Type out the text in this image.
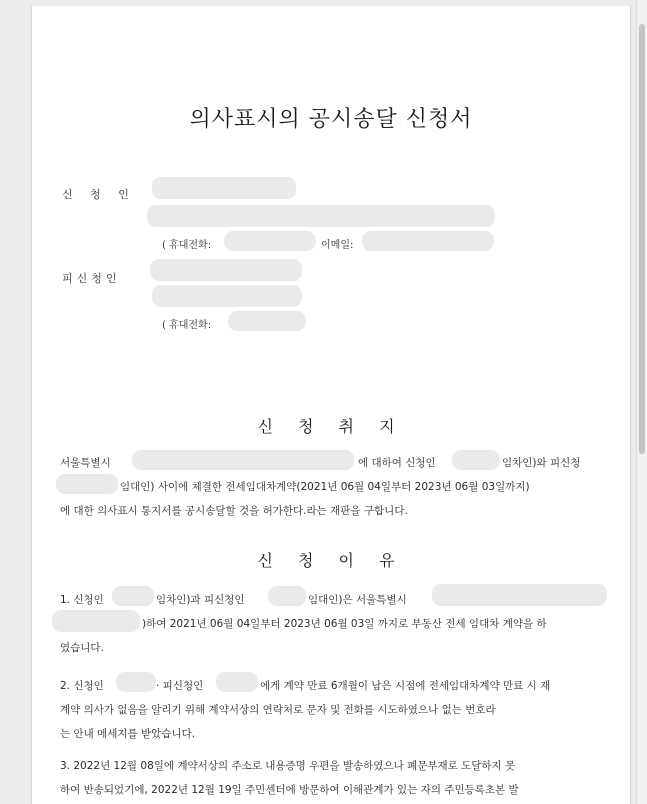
의사표시의 공시송달 신청서
신 청 인
( 휴대전화:	이메일:
피신청인
( 휴대전화:
신 청 취 지
서울특별시	에 대하여 신청인	임차인)와 피신청
임대인) 사이에 체결한 전세임대차계약(2021년 06월 04일부터 2023년 06월 03일까지)
에 대한 의사표시 통지서를 공시송달할 것을 허가한다.라는 재판을 구합니다.
신 청 이 유
1. 신청인	임차인)과 피신청인	임대인)은 서울특별시
)하여 2021년 06월 04일부터 2023년 06월 03일 까지로 부동산 전세 임대차 계약을 하
였습니다.
2. 신청인	· 피신청인	에게 계약 만료 6개월이 남은 시점에 전세임대차계약 만료 시 재
계약 의사가 없음을 알리기 위해 계약서상의 연락처로 문자 및 전화를 시도하였으나 없는 번호라
는 안내 메세지를 받았습니다.
3. 2022년 12월 08일에 계약서상의 주소로 내용증명 우편을 발송하였으나 폐문부재로 도달하지 못
하여 반송되었기에, 2022년 12월 19일 주민센터에 방문하여 이해관계가 있는 자의 주민등록초본 발
